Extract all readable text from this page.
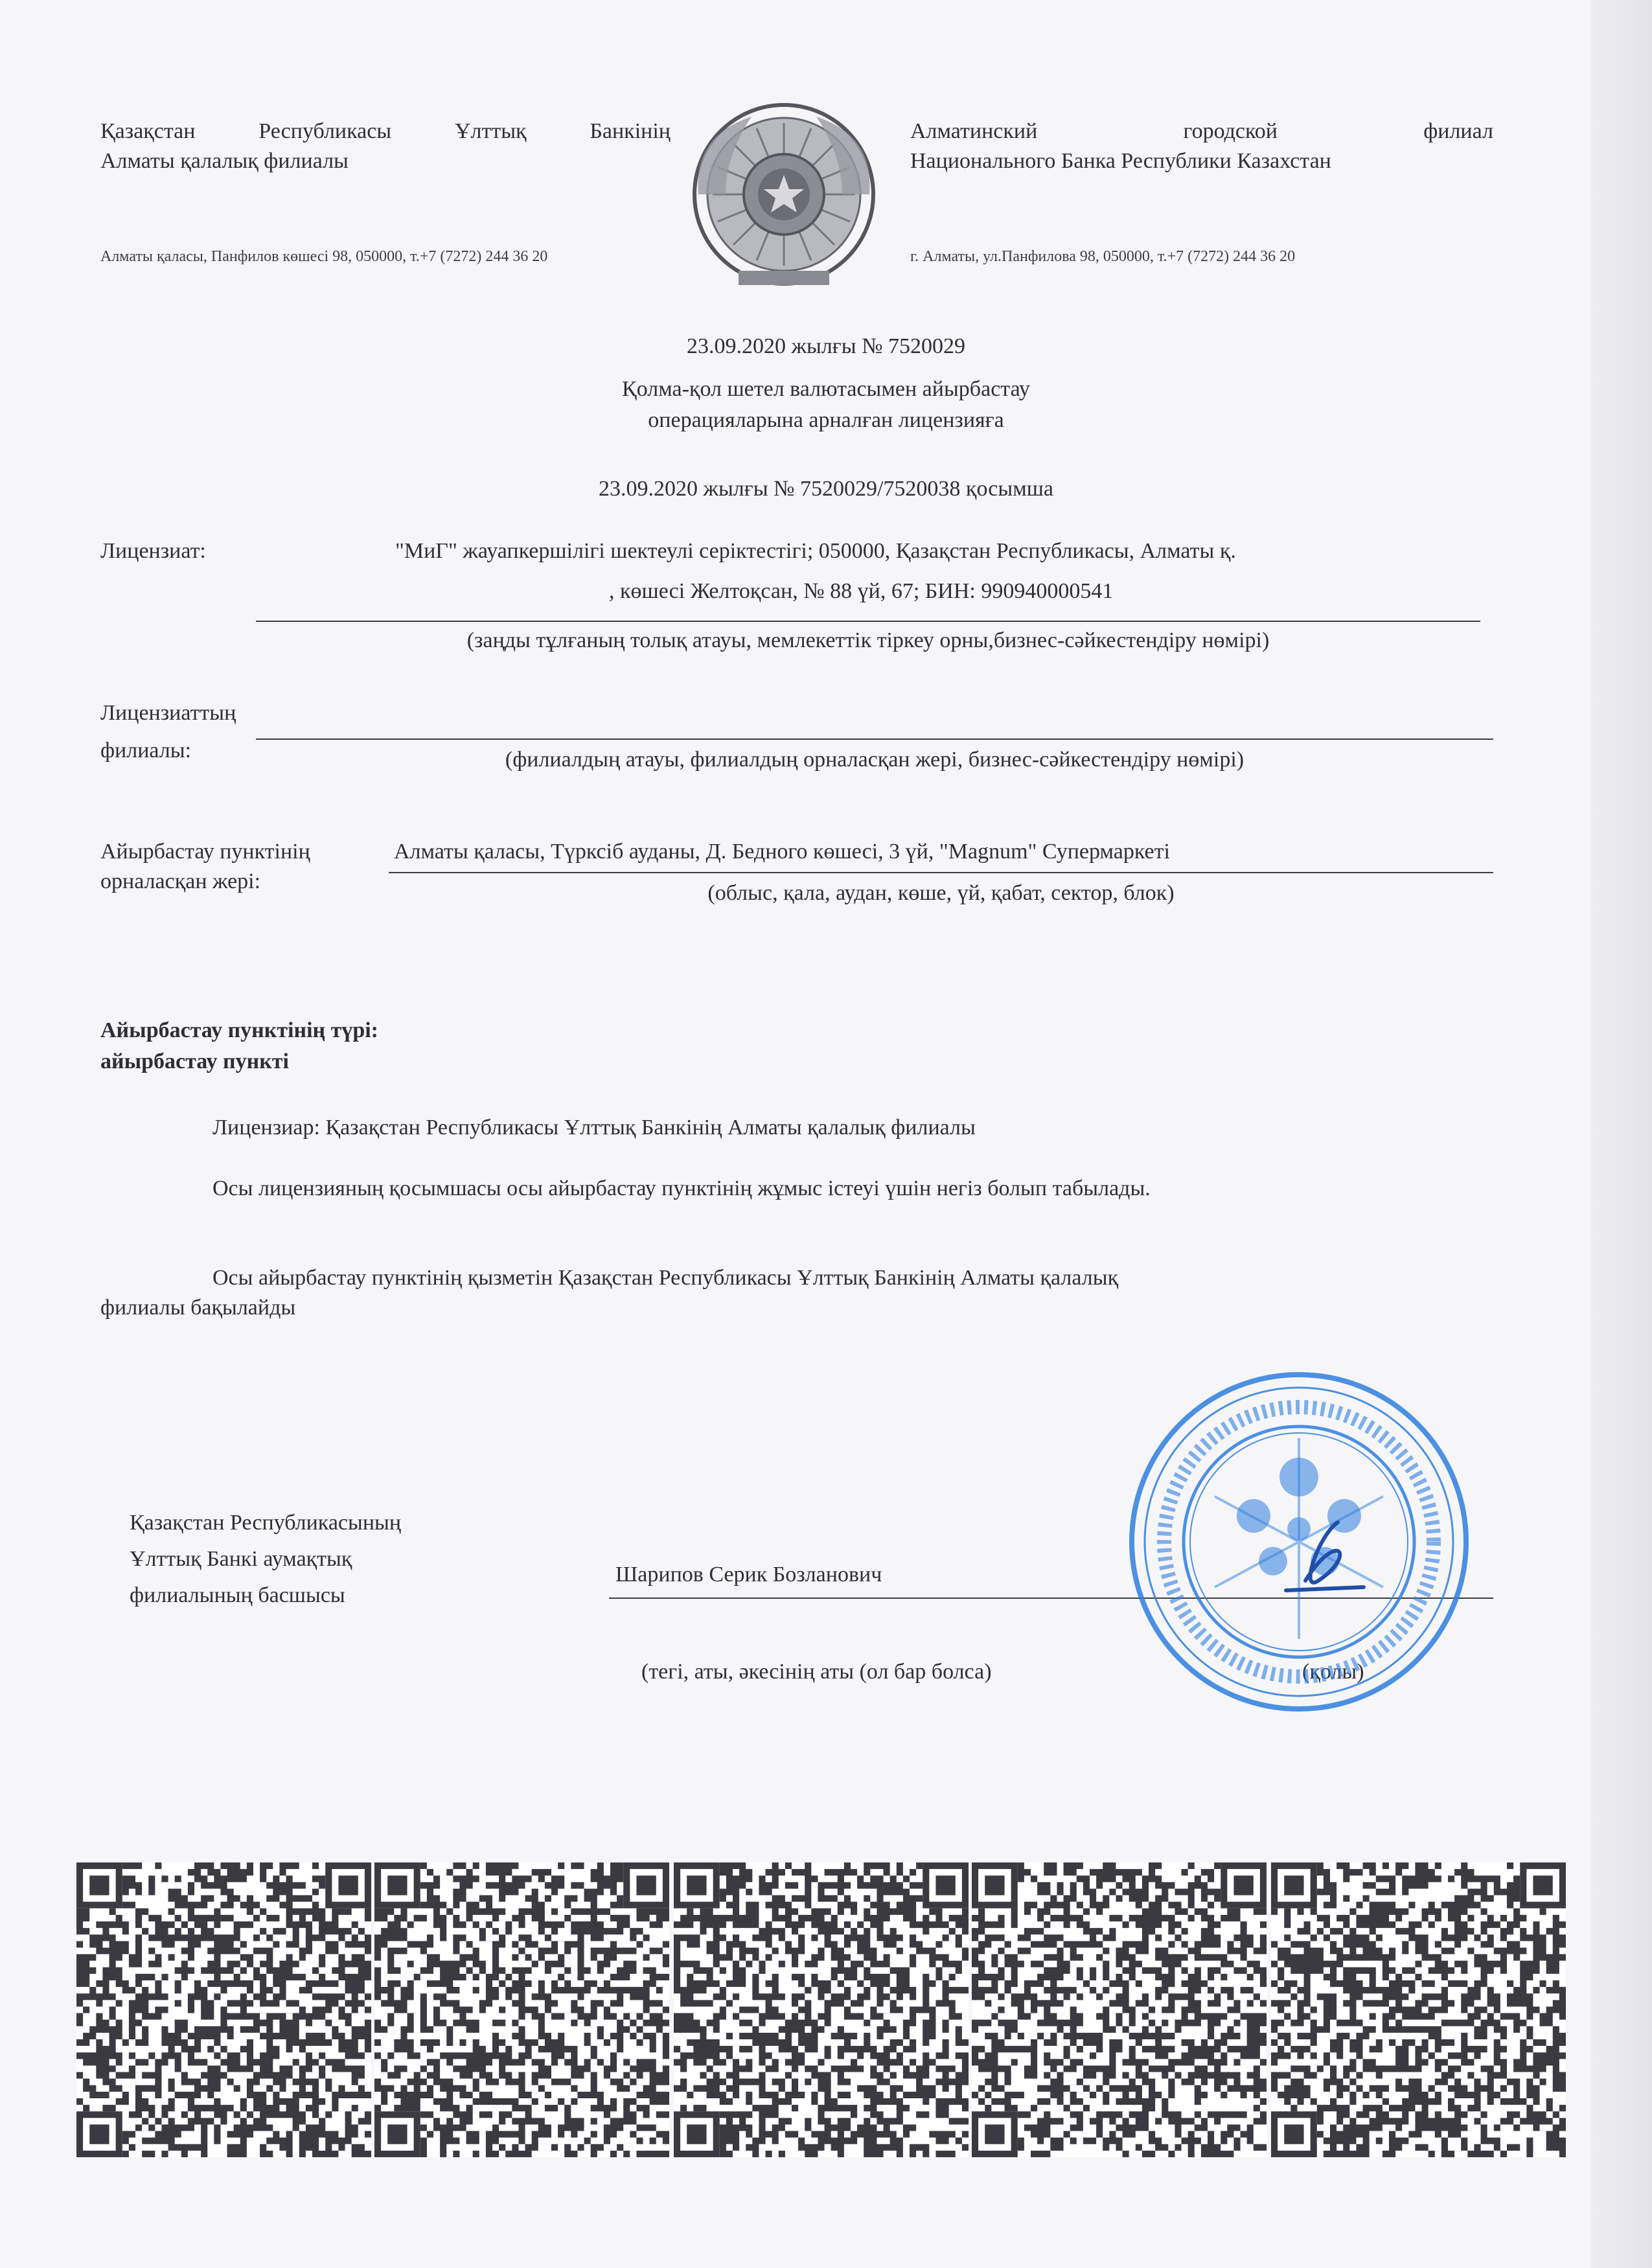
Қазақстан Республикасы Ұлттық Банкінің
Алматы қалалық филиалы
Алматинский городской филиал
Национального Банка Республики Казахстан
Алматы қаласы, Панфилов көшесі 98, 050000, т.+7 (7272) 244 36 20	г. Алматы, ул.Панфилова 98, 050000, т.+7 (7272) 244 36 20
23.09.2020 жылғы № 7520029
Қолма-қол шетел валютасымен айырбастау
операцияларына арналған лицензияға
23.09.2020 жылғы № 7520029/7520038 қосымша
Лицензиат:	"МиГ" жауапкершілігі шектеулі серіктестігі; 050000, Қазақстан Республикасы, Алматы қ.
, көшесі Желтоқсан, № 88 үй, 67; БИН: 990940000541
(заңды тұлғаның толық атауы, мемлекеттік тіркеу орны,бизнес-сәйкестендіру нөмірі)
Лицензиаттың
филиалы:	(филиалдың атауы, филиалдың орналасқан жері, бизнес-сәйкестендіру нөмірі)
Айырбастау пунктінің
орналасқан жері:
Алматы қаласы, Түрксіб ауданы, Д. Бедного көшесі, 3 үй, "Magnum" Супермаркеті
(облыс, қала, аудан, көше, үй, қабат, сектор, блок)
Айырбастау пунктінің түрі:
айырбастау пункті
Лицензиар: Қазақстан Республикасы Ұлттық Банкінің Алматы қалалық филиалы
Осы лицензияның қосымшасы осы айырбастау пунктінің жұмыс істеуі үшін негіз болып табылады.
Осы айырбастау пунктінің қызметін Қазақстан Республикасы Ұлттық Банкінің Алматы қалалық
филиалы бақылайды
Қазақстан Республикасының
Ұлттық Банкі аумақтық
филиалының басшысы
Шарипов Серик Бозланович
(тегі, аты, әкесінің аты (ол бар болса)	(қолы)
